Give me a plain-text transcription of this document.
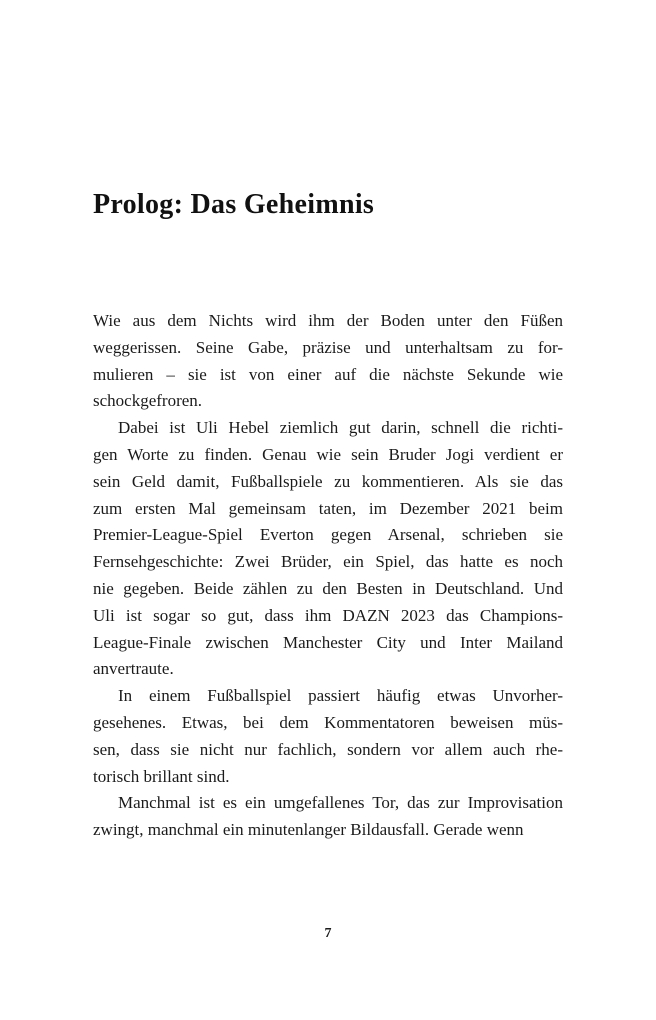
Prolog: Das Geheimnis
Wie aus dem Nichts wird ihm der Boden unter den Füßen
weggerissen. Seine Gabe, präzise und unterhaltsam zu for-
mulieren – sie ist von einer auf die nächste Sekunde wie
schockgefroren.
Dabei ist Uli Hebel ziemlich gut darin, schnell die richti-
gen Worte zu finden. Genau wie sein Bruder Jogi verdient er
sein Geld damit, Fußballspiele zu kommentieren. Als sie das
zum ersten Mal gemeinsam taten, im Dezember 2021 beim
Premier-League-Spiel Everton gegen Arsenal, schrieben sie
Fernsehgeschichte: Zwei Brüder, ein Spiel, das hatte es noch
nie gegeben. Beide zählen zu den Besten in Deutschland. Und
Uli ist sogar so gut, dass ihm DAZN 2023 das Champions-
League-Finale zwischen Manchester City und Inter Mailand
anvertraute.
In einem Fußballspiel passiert häufig etwas Unvorher-
gesehenes. Etwas, bei dem Kommentatoren beweisen müs-
sen, dass sie nicht nur fachlich, sondern vor allem auch rhe-
torisch brillant sind.
Manchmal ist es ein umgefallenes Tor, das zur Improvisation
zwingt, manchmal ein minutenlanger Bildausfall. Gerade wenn
7
